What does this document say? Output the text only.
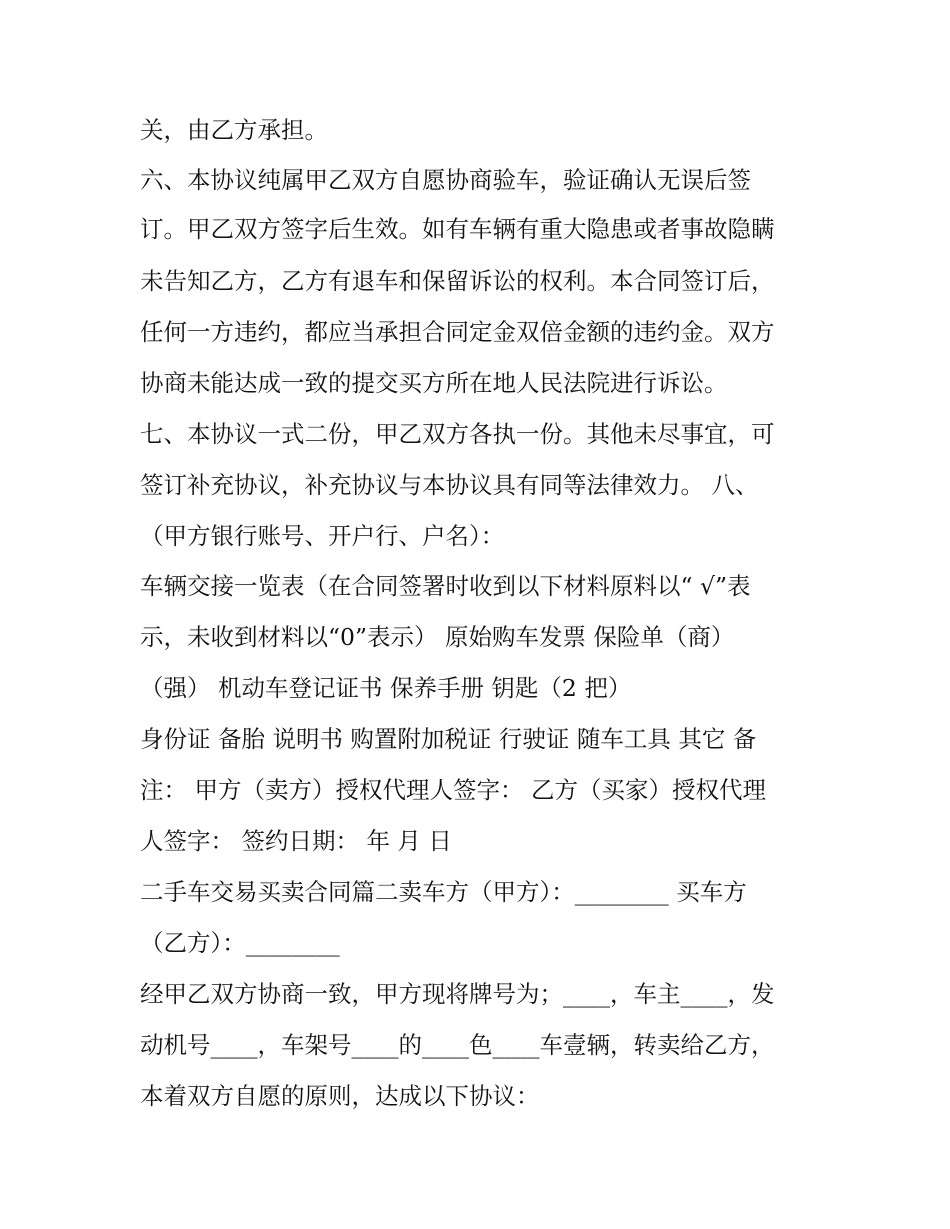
关，由乙方承担。
六、本协议纯属甲乙双方自愿协商验车，验证确认无误后签
订。甲乙双方签字后生效。如有车辆有重大隐患或者事故隐瞒
未告知乙方，乙方有退车和保留诉讼的权利。本合同签订后，
任何一方违约，都应当承担合同定金双倍金额的违约金。双方
协商未能达成一致的提交买方所在地人民法院进行诉讼。
七、本协议一式二份，甲乙双方各执一份。其他未尽事宜，可
签订补充协议，补充协议与本协议具有同等法律效力。 八、
（甲方银行账号、开户行、户名）：
车辆交接一览表（在合同签署时收到以下材料原料以“ √”表
示，未收到材料以“0”表示） 原始购车发票 保险单（商）
（强） 机动车登记证书 保养手册 钥匙（2 把）
身份证 备胎 说明书 购置附加税证 行驶证 随车工具 其它 备
注： 甲方（卖方）授权代理人签字： 乙方（买家）授权代理
人签字： 签约日期： 年 月 日
二手车交易买卖合同篇二卖车方（甲方）：________ 买车方
（乙方）：________
经甲乙双方协商一致，甲方现将牌号为；____，车主____，发
动机号____，车架号____的____色____车壹辆，转卖给乙方，
本着双方自愿的原则，达成以下协议：
